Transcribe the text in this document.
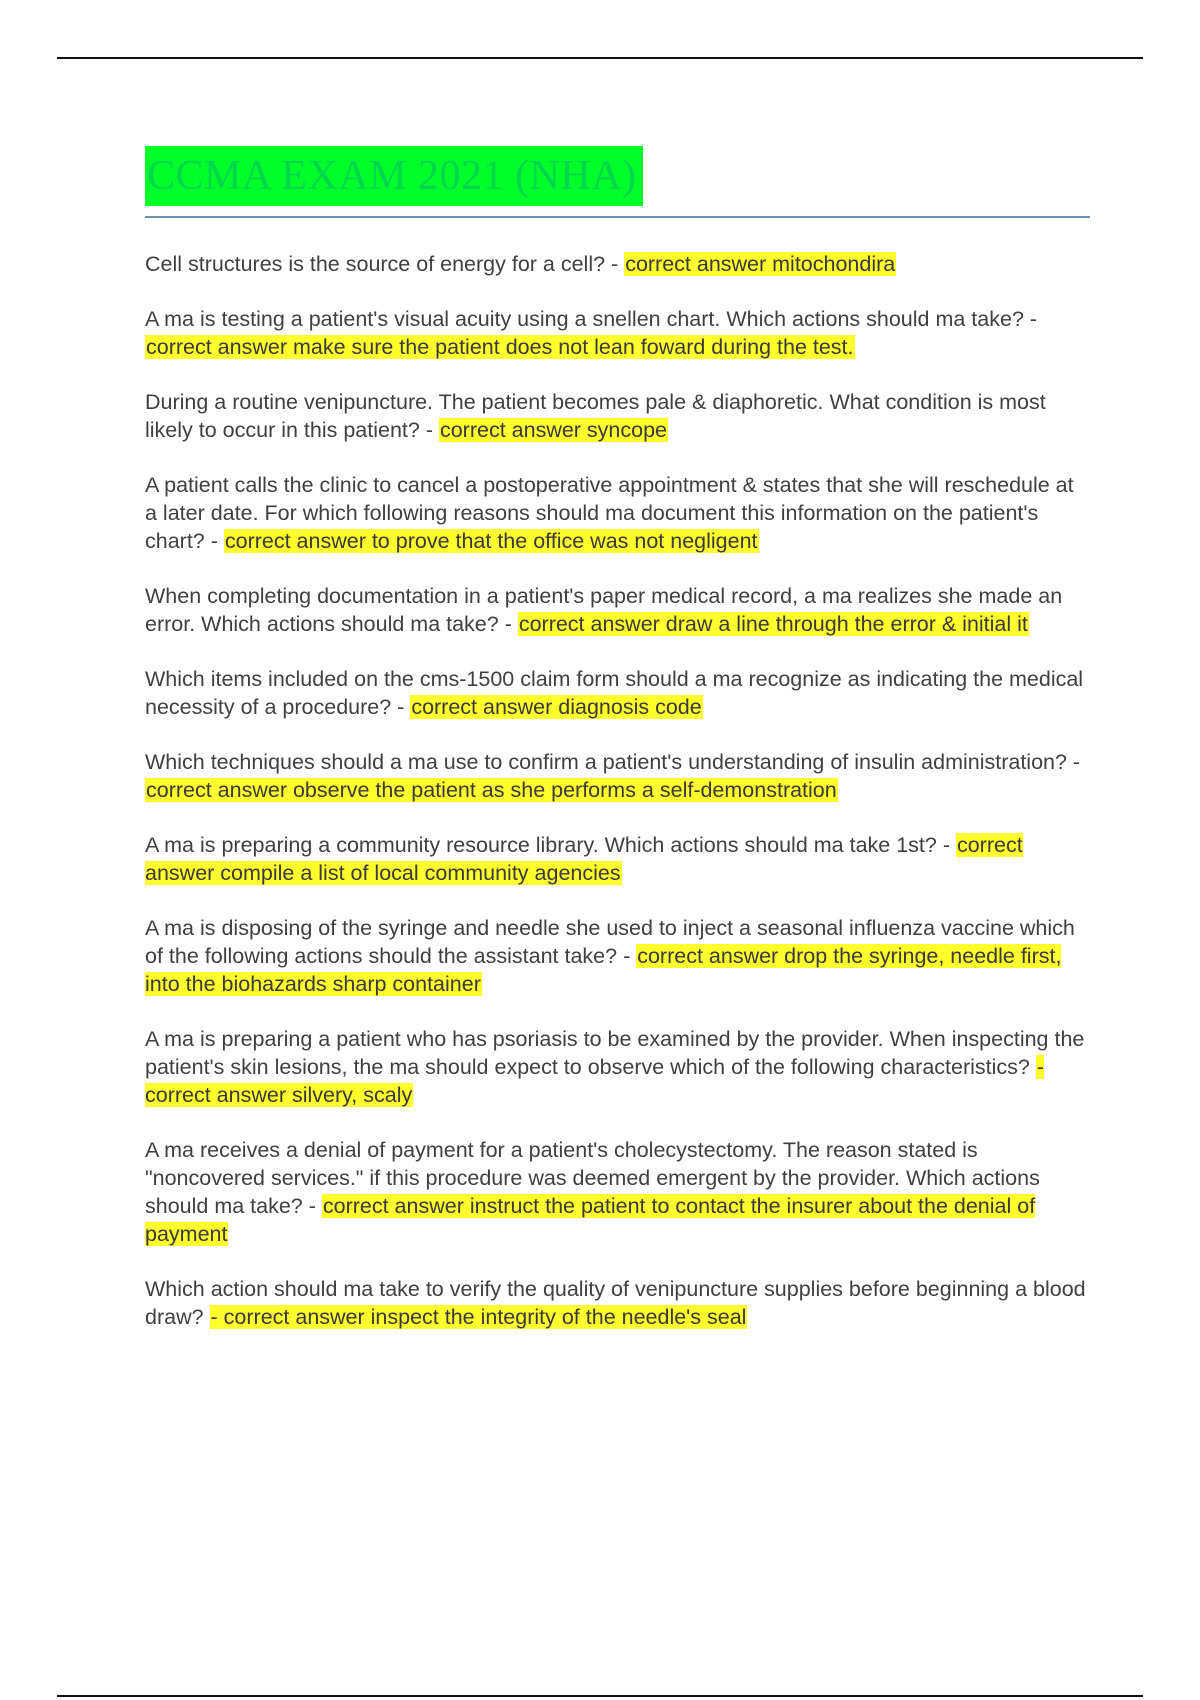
CCMA EXAM 2021 (NHA)
Cell structures is the source of energy for a cell? - correct answer mitochondira
A ma is testing a patient's visual acuity using a snellen chart. Which actions should ma take? - correct answer make sure the patient does not lean foward during the test.
During a routine venipuncture. The patient becomes pale & diaphoretic. What condition is most likely to occur in this patient? - correct answer syncope
A patient calls the clinic to cancel a postoperative appointment & states that she will reschedule at a later date. For which following reasons should ma document this information on the patient's chart? - correct answer to prove that the office was not negligent
When completing documentation in a patient's paper medical record, a ma realizes she made an error. Which actions should ma take? - correct answer draw a line through the error & initial it
Which items included on the cms-1500 claim form should a ma recognize as indicating the medical necessity of a procedure? - correct answer diagnosis code
Which techniques should a ma use to confirm a patient's understanding of insulin administration? - correct answer observe the patient as she performs a self-demonstration
A ma is preparing a community resource library. Which actions should ma take 1st? - correct answer compile a list of local community agencies
A ma is disposing of the syringe and needle she used to inject a seasonal influenza vaccine which of the following actions should the assistant take? - correct answer drop the syringe, needle first, into the biohazards sharp container
A ma is preparing a patient who has psoriasis to be examined by the provider. When inspecting the patient's skin lesions, the ma should expect to observe which of the following characteristics? - correct answer silvery, scaly
A ma receives a denial of payment for a patient's cholecystectomy. The reason stated is "noncovered services." if this procedure was deemed emergent by the provider. Which actions should ma take? - correct answer instruct the patient to contact the insurer about the denial of payment
Which action should ma take to verify the quality of venipuncture supplies before beginning a blood draw? - correct answer inspect the integrity of the needle's seal
